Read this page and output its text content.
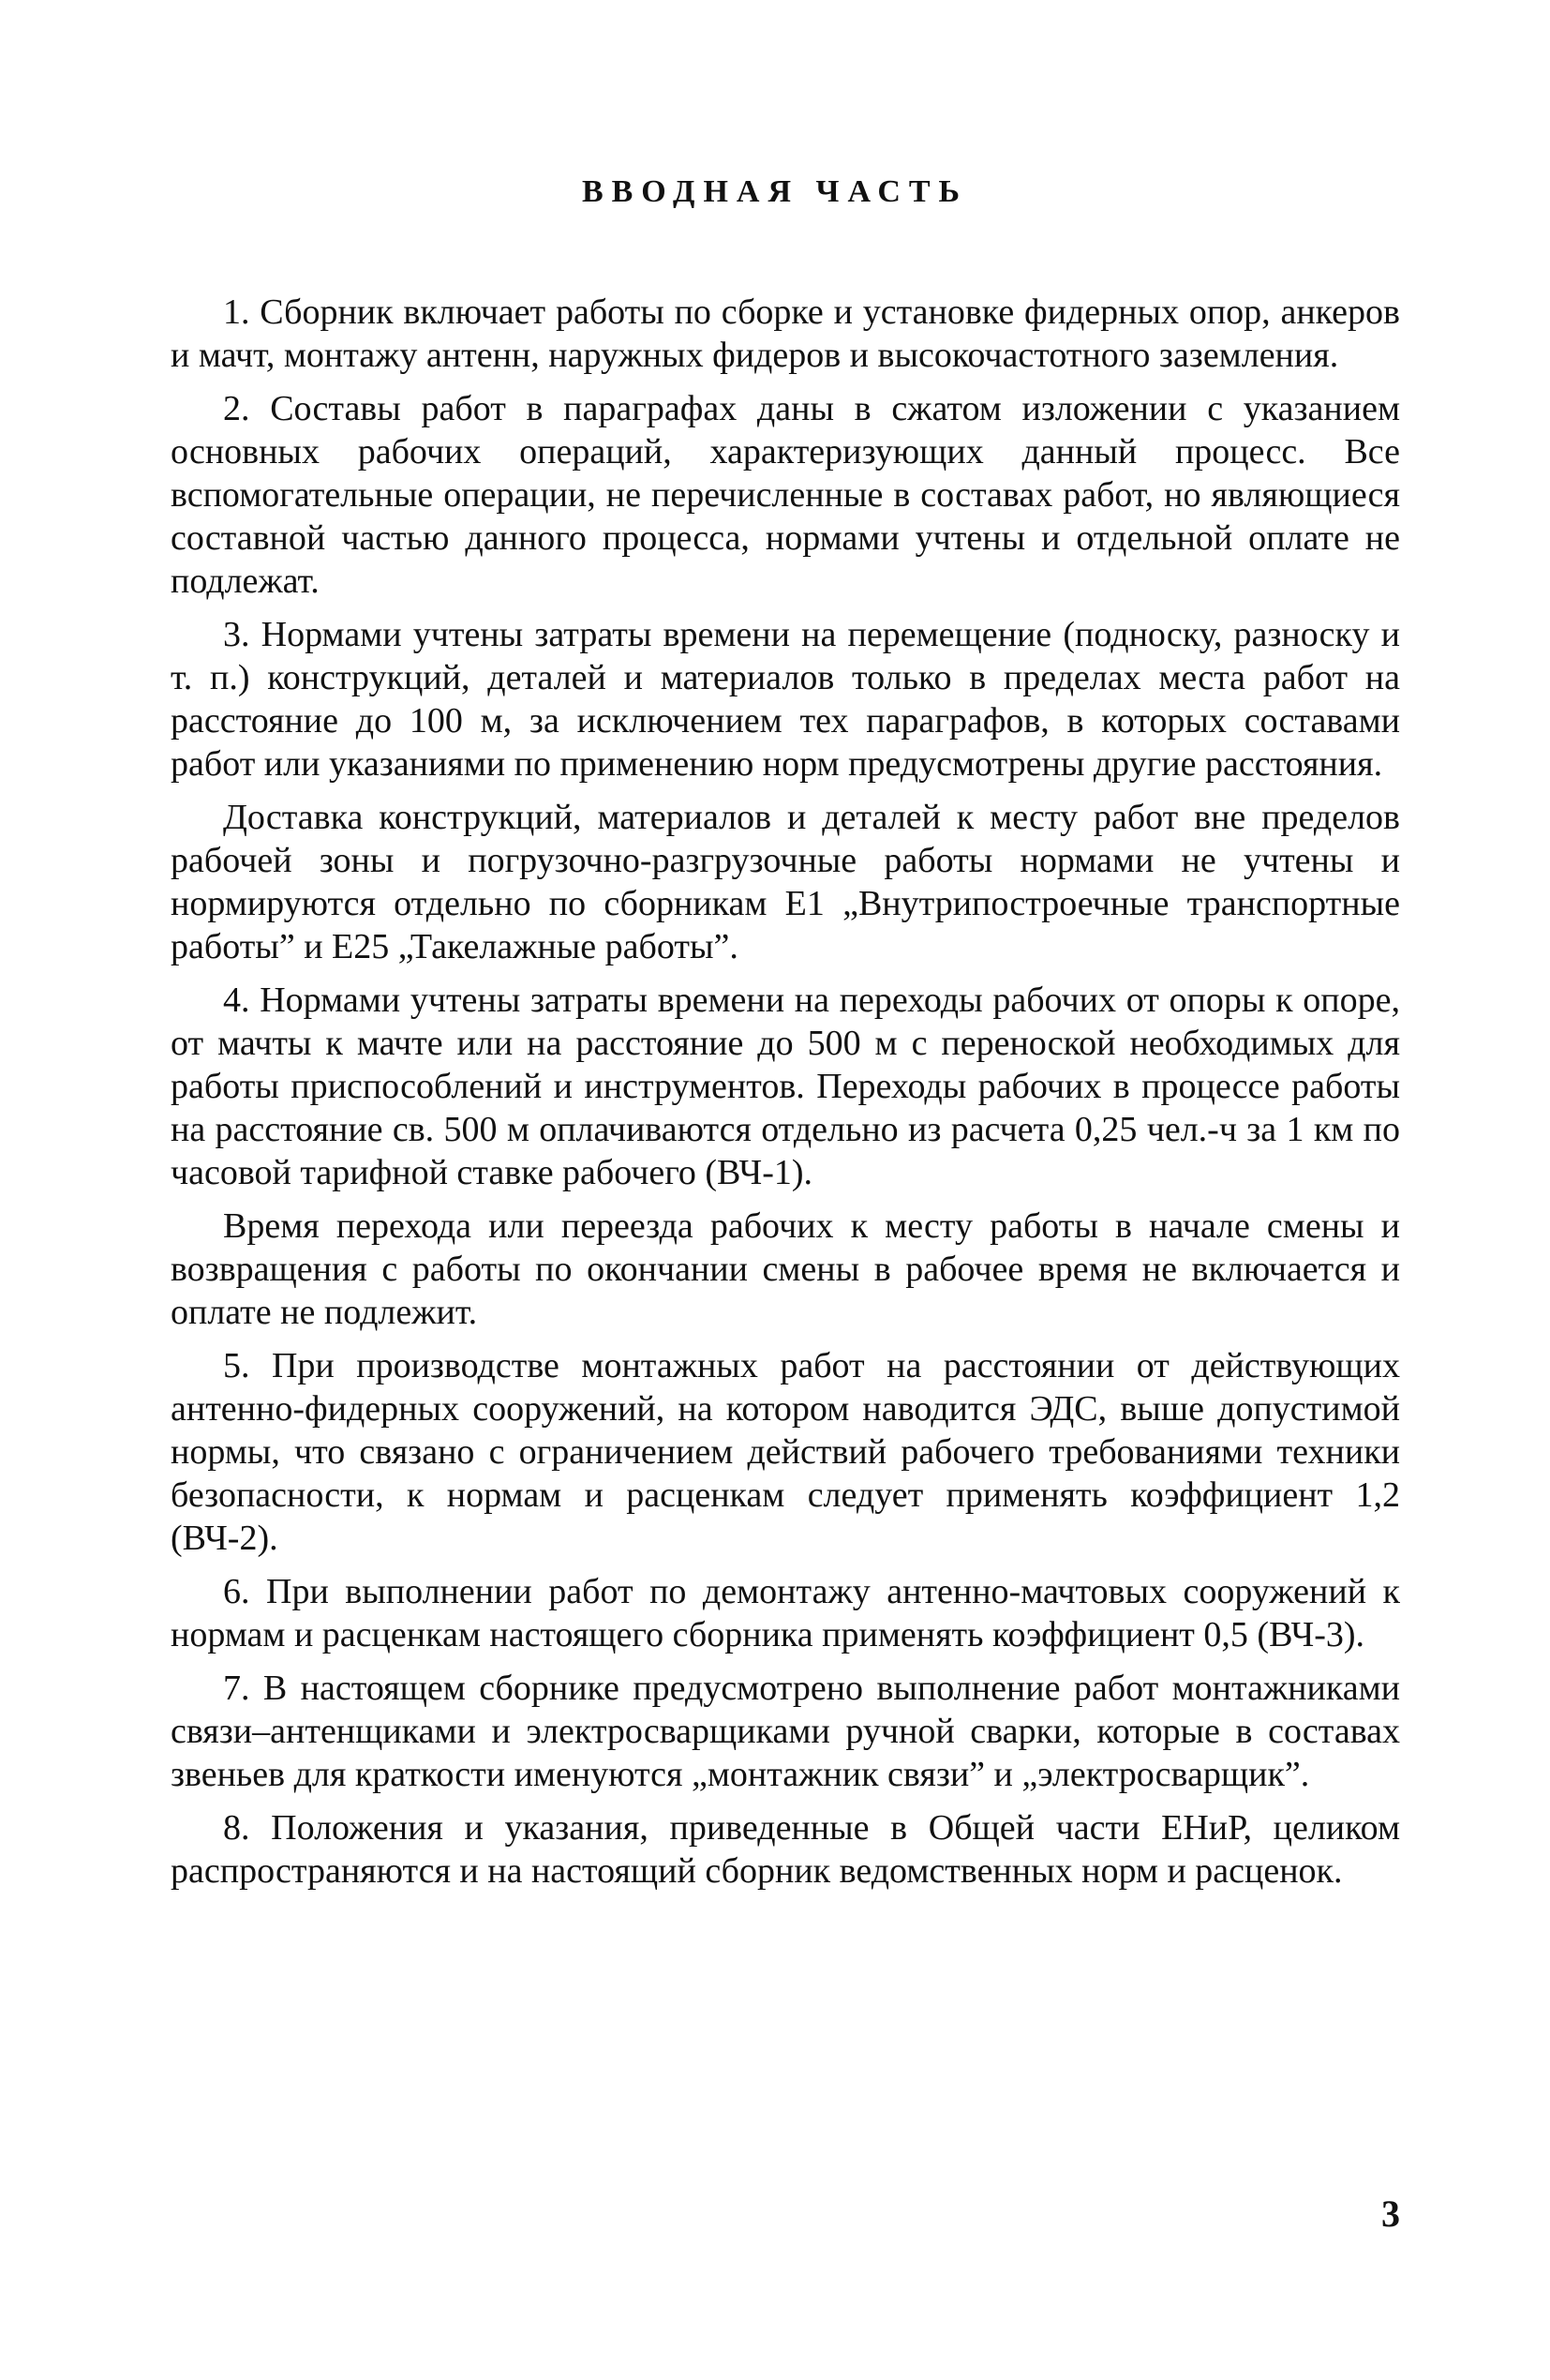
ВВОДНАЯ ЧАСТЬ

1. Сборник включает работы по сборке и установке фидерных опор, анкеров и мачт, монтажу антенн, наружных фидеров и высокочастотного заземления.

2. Составы работ в параграфах даны в сжатом изложении с указанием основных рабочих операций, характеризующих данный процесс. Все вспомогательные операции, не перечисленные в составах работ, но являющиеся составной частью данного процесса, нормами учтены и отдельной оплате не подлежат.

3. Нормами учтены затраты времени на перемещение (подноску, разноску и т. п.) конструкций, деталей и материалов только в пределах места работ на расстояние до 100 м, за исключением тех параграфов, в которых составами работ или указаниями по применению норм предусмотрены другие расстояния.

Доставка конструкций, материалов и деталей к месту работ вне пределов рабочей зоны и погрузочно-разгрузочные работы нормами не учтены и нормируются отдельно по сборникам Е1 „Внутрипостроечные транспортные работы” и Е25 „Такелажные работы”.

4. Нормами учтены затраты времени на переходы рабочих от опоры к опоре, от мачты к мачте или на расстояние до 500 м с переноской необходимых для работы приспособлений и инструментов. Переходы рабочих в процессе работы на расстояние св. 500 м оплачиваются отдельно из расчета 0,25 чел.-ч за 1 км по часовой тарифной ставке рабочего (ВЧ-1).

Время перехода или переезда рабочих к месту работы в начале смены и возвращения с работы по окончании смены в рабочее время не включается и оплате не подлежит.

5. При производстве монтажных работ на расстоянии от действующих антенно-фидерных сооружений, на котором наводится ЭДС, выше допустимой нормы, что связано с ограничением действий рабочего требованиями техники безопасности, к нормам и расценкам следует применять коэффициент 1,2 (ВЧ-2).

6. При выполнении работ по демонтажу антенно-мачтовых сооружений к нормам и расценкам настоящего сборника применять коэффициент 0,5 (ВЧ-3).

7. В настоящем сборнике предусмотрено выполнение работ монтажниками связи–антенщиками и электросварщиками ручной сварки, которые в составах звеньев для краткости именуются „монтажник связи” и „электросварщик”.

8. Положения и указания, приведенные в Общей части ЕНиР, целиком распространяются и на настоящий сборник ведомственных норм и расценок.

3
